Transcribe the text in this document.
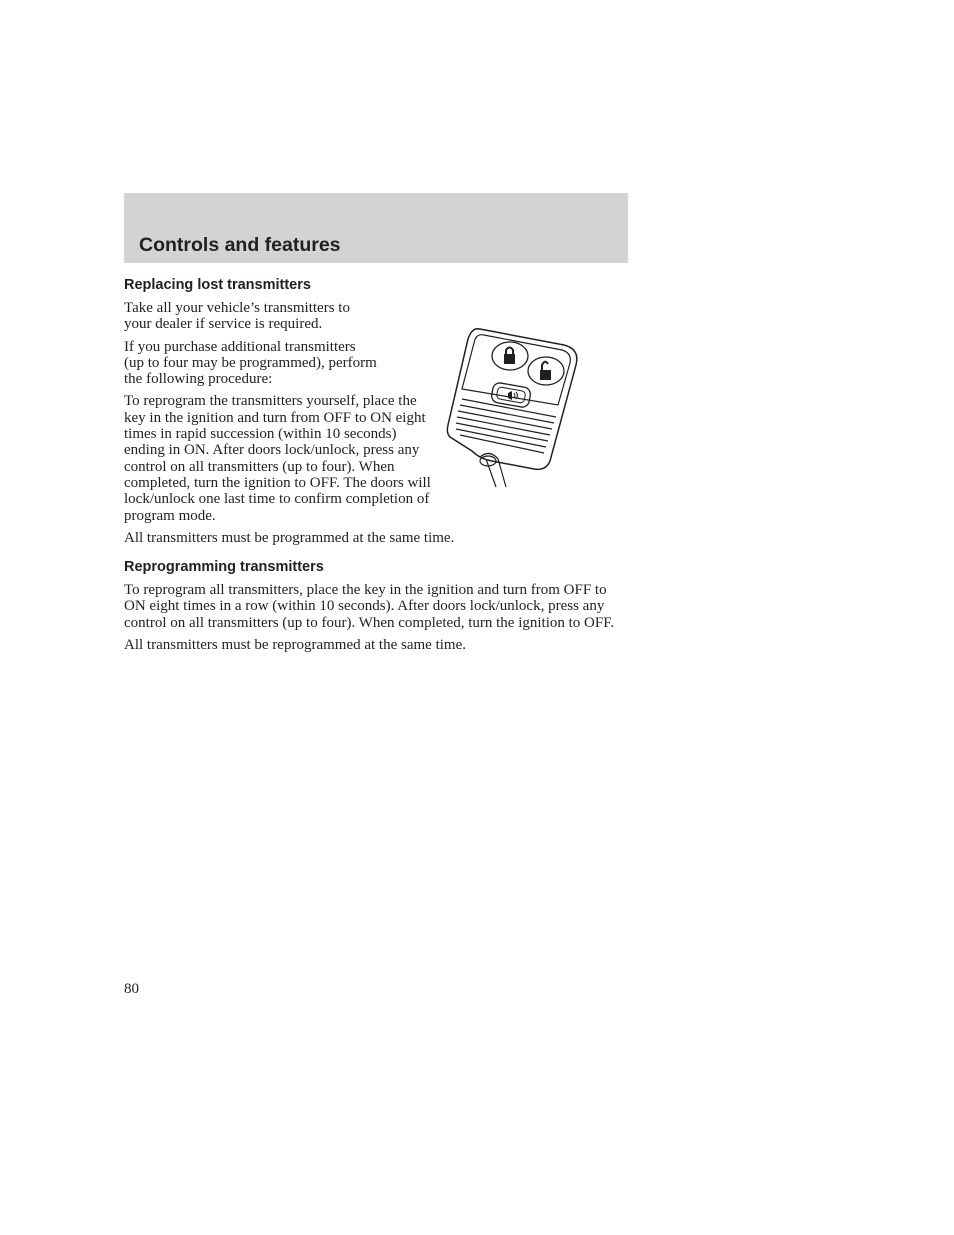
Controls and features
Replacing lost transmitters

Take all your vehicle’s transmitters to your dealer if service is required.

If you purchase additional transmitters (up to four may be programmed), perform the following procedure:

To reprogram the transmitters yourself, place the key in the ignition and turn from OFF to ON eight times in rapid succession (within 10 seconds) ending in ON. After doors lock/unlock, press any control on all transmitters (up to four). When completed, turn the ignition to OFF. The doors will lock/unlock one last time to confirm completion of program mode.

All transmitters must be programmed at the same time.

Reprogramming transmitters

To reprogram all transmitters, place the key in the ignition and turn from OFF to ON eight times in a row (within 10 seconds). After doors lock/unlock, press any control on all transmitters (up to four). When completed, turn the ignition to OFF.

All transmitters must be reprogrammed at the same time.

80
